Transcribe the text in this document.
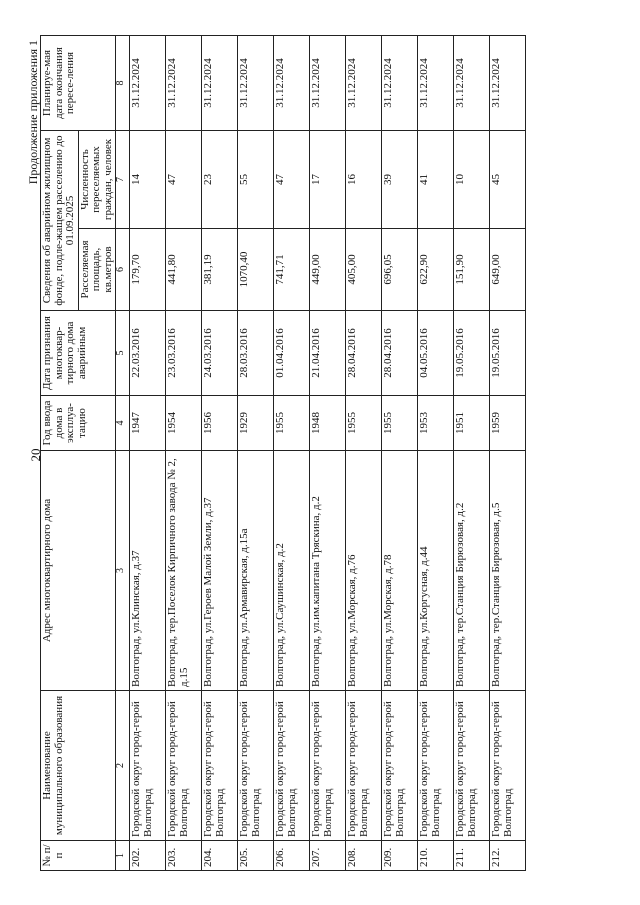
20
Продолжение приложения 1
№ п/п	Наименование муниципального образования	Адрес многоквартирного дома	Год ввода дома в эксплуа-тацию	Дата признания многоквар-тирного дома аварийным	Сведения об аварийном жилищном фонде, подле-жащем расселению до 01.09.2025		Планируе-мая дата окончания пересе-ления
					Расселяемая площадь, кв.метров	Численность переселяемых граждан, человек	
1	2	3	4	5	6	7	8
202.	Городской округ город-герой Волгоград	Волгоград, ул.Клинская, д.37	1947	22.03.2016	179,70	14	31.12.2024
203.	Городской округ город-герой Волгоград	Волгоград, тер.Поселок Кирпичного завода № 2, д.15	1954	23.03.2016	441,80	47	31.12.2024
204.	Городской округ город-герой Волгоград	Волгоград, ул.Героев Малой Земли, д.37	1956	24.03.2016	381,19	23	31.12.2024
205.	Городской округ город-герой Волгоград	Волгоград, ул.Армавирская, д.15а	1929	28.03.2016	1070,40	55	31.12.2024
206.	Городской округ город-герой Волгоград	Волгоград, ул.Саушинская, д.2	1955	01.04.2016	741,71	47	31.12.2024
207.	Городской округ город-герой Волгоград	Волгоград, ул.им.капитана Тряскина, д.2	1948	21.04.2016	449,00	17	31.12.2024
208.	Городской округ город-герой Волгоград	Волгоград, ул.Морская, д.76	1955	28.04.2016	405,00	16	31.12.2024
209.	Городской округ город-герой Волгоград	Волгоград, ул.Морская, д.78	1955	28.04.2016	696,05	39	31.12.2024
210.	Городской округ город-герой Волгоград	Волгоград, ул.Коргусная, д.44	1953	04.05.2016	622,90	41	31.12.2024
211.	Городской округ город-герой Волгоград	Волгоград, тер.Станция Бирюзовая, д.2	1951	19.05.2016	151,90	10	31.12.2024
212.	Городской округ город-герой Волгоград	Волгоград, тер.Станция Бирюзовая, д.5	1959	19.05.2016	649,00	45	31.12.2024
